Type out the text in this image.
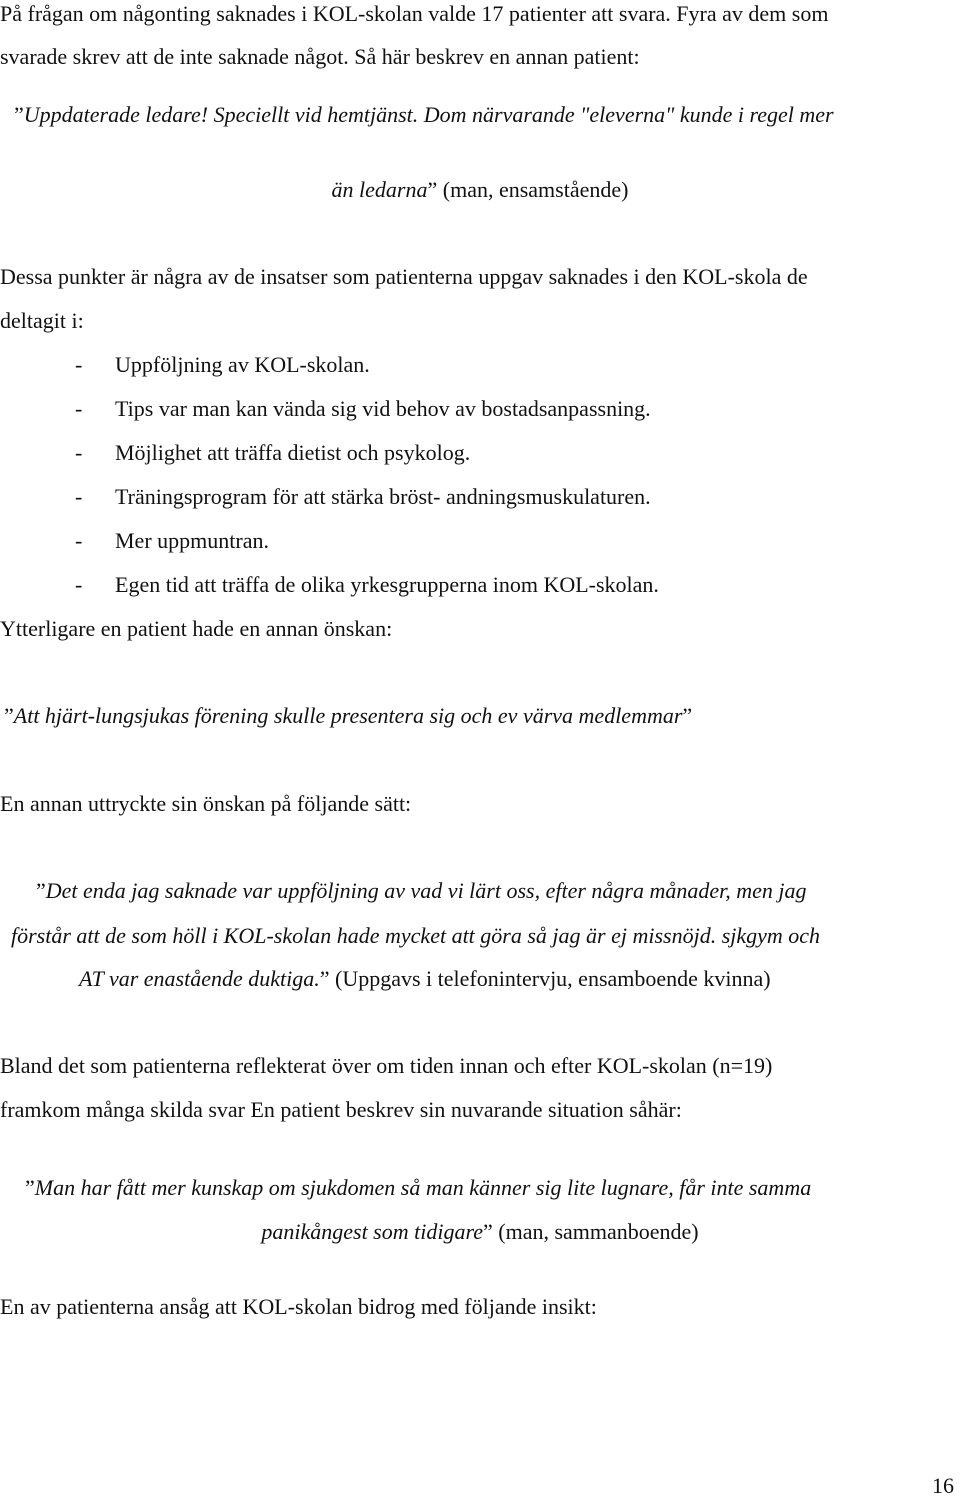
På frågan om någonting saknades i KOL-skolan valde 17 patienter att svara. Fyra av dem som
svarade skrev att de inte saknade något. Så här beskrev en annan patient:
”Uppdaterade ledare! Speciellt vid hemtjänst. Dom närvarande "eleverna" kunde i regel mer
än ledarna” (man, ensamstående)
Dessa punkter är några av de insatser som patienterna uppgav saknades i den KOL-skola de
deltagit i:
- Uppföljning av KOL-skolan.
- Tips var man kan vända sig vid behov av bostadsanpassning.
- Möjlighet att träffa dietist och psykolog.
- Träningsprogram för att stärka bröst- andningsmuskulaturen.
- Mer uppmuntran.
- Egen tid att träffa de olika yrkesgrupperna inom KOL-skolan.
Ytterligare en patient hade en annan önskan:
”Att hjärt-lungsjukas förening skulle presentera sig och ev värva medlemmar”
En annan uttryckte sin önskan på följande sätt:
”Det enda jag saknade var uppföljning av vad vi lärt oss, efter några månader, men jag
förstår att de som höll i KOL-skolan hade mycket att göra så jag är ej missnöjd. sjkgym och
AT var enastående duktiga.” (Uppgavs i telefonintervju, ensamboende kvinna)
Bland det som patienterna reflekterat över om tiden innan och efter KOL-skolan (n=19)
framkom många skilda svar En patient beskrev sin nuvarande situation såhär:
”Man har fått mer kunskap om sjukdomen så man känner sig lite lugnare, får inte samma
panikångest som tidigare” (man, sammanboende)
En av patienterna ansåg att KOL-skolan bidrog med följande insikt:
16
